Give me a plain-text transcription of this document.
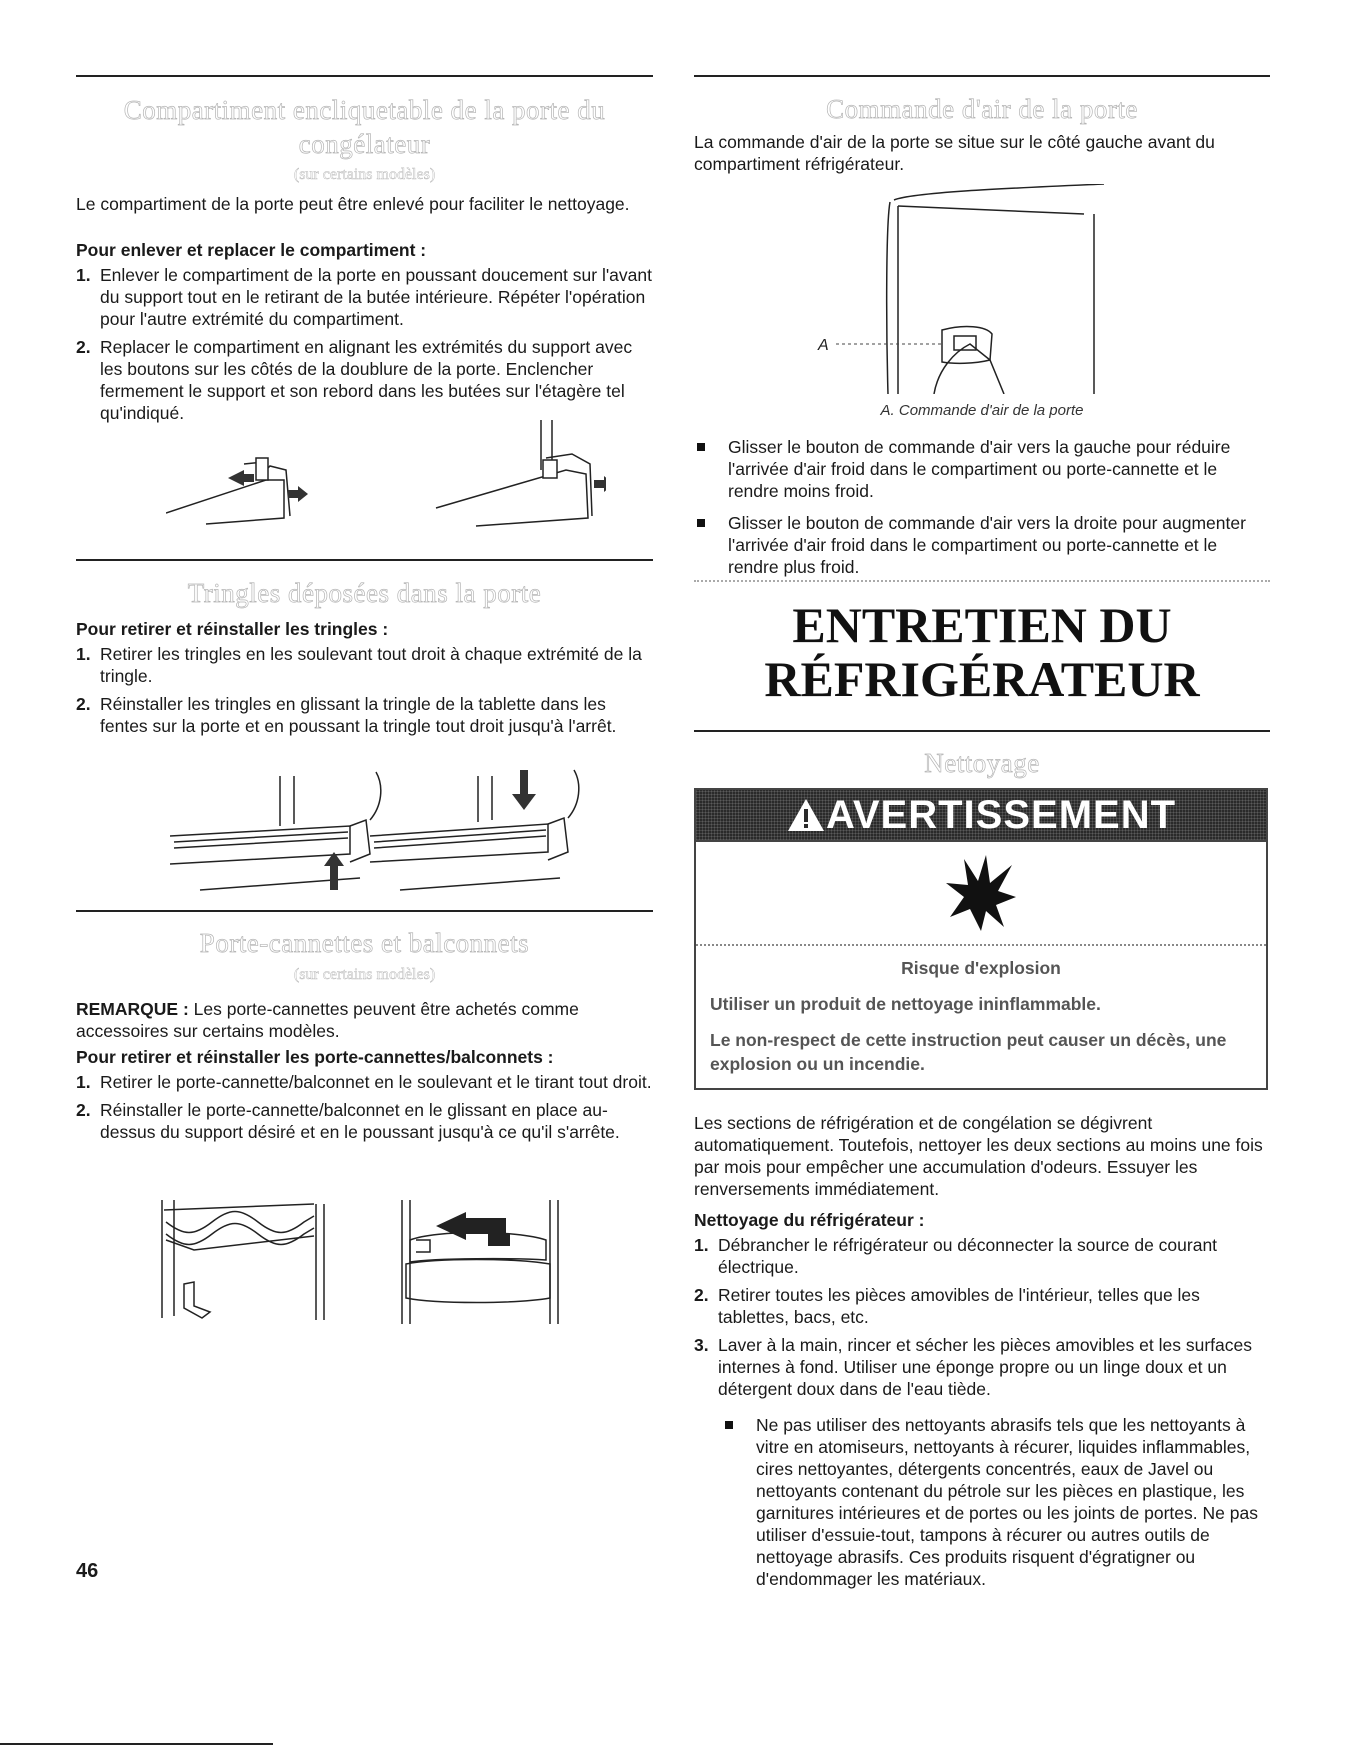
Compartiment encliquetable de la porte du
congélateur
(sur certains modèles)

Le compartiment de la porte peut être enlevé pour faciliter le nettoyage.

Pour enlever et replacer le compartiment :

1. Enlever le compartiment de la porte en poussant doucement sur l'avant du support tout en le retirant de la butée intérieure. Répéter l'opération pour l'autre extrémité du compartiment.
2. Replacer le compartiment en alignant les extrémités du support avec les boutons sur les côtés de la doublure de la porte. Enclencher fermement le support et son rebord dans les butées sur l'étagère tel qu'indiqué.
Tringles déposées dans la porte

Pour retirer et réinstaller les tringles :

1. Retirer les tringles en les soulevant tout droit à chaque extrémité de la tringle.
2. Réinstaller les tringles en glissant la tringle de la tablette dans les fentes sur la porte et en poussant la tringle tout droit jusqu'à l'arrêt.
Porte-cannettes et balconnets
(sur certains modèles)

REMARQUE : Les porte-cannettes peuvent être achetés comme accessoires sur certains modèles.

Pour retirer et réinstaller les porte-cannettes/balconnets :

1. Retirer le porte-cannette/balconnet en le soulevant et le tirant tout droit.
2. Réinstaller le porte-cannette/balconnet en le glissant en place au-dessus du support désiré et en le poussant jusqu'à ce qu'il s'arrête.
Commande d'air de la porte

La commande d'air de la porte se situe sur le côté gauche avant du compartiment réfrigérateur.

A
A. Commande d'air de la porte
Glisser le bouton de commande d'air vers la gauche pour réduire l'arrivée d'air froid dans le compartiment ou porte-cannette et le rendre moins froid.
Glisser le bouton de commande d'air vers la droite pour augmenter l'arrivée d'air froid dans le compartiment ou porte-cannette et le rendre plus froid.
ENTRETIEN DU
RÉFRIGÉRATEUR
Nettoyage
AVERTISSEMENT
Risque d'explosion
Utiliser un produit de nettoyage ininflammable.
Le non-respect de cette instruction peut causer un décès, une explosion ou un incendie.

Les sections de réfrigération et de congélation se dégivrent automatiquement. Toutefois, nettoyer les deux sections au moins une fois par mois pour empêcher une accumulation d'odeurs. Essuyer les renversements immédiatement.

Nettoyage du réfrigérateur :

1. Débrancher le réfrigérateur ou déconnecter la source de courant électrique.
2. Retirer toutes les pièces amovibles de l'intérieur, telles que les tablettes, bacs, etc.
3. Laver à la main, rincer et sécher les pièces amovibles et les surfaces internes à fond. Utiliser une éponge propre ou un linge doux et un détergent doux dans de l'eau tiède.
Ne pas utiliser des nettoyants abrasifs tels que les nettoyants à vitre en atomiseurs, nettoyants à récurer, liquides inflammables, cires nettoyantes, détergents concentrés, eaux de Javel ou nettoyants contenant du pétrole sur les pièces en plastique, les garnitures intérieures et de portes ou les joints de portes. Ne pas utiliser d'essuie-tout, tampons à récurer ou autres outils de nettoyage abrasifs. Ces produits risquent d'égratigner ou d'endommager les matériaux.
46
